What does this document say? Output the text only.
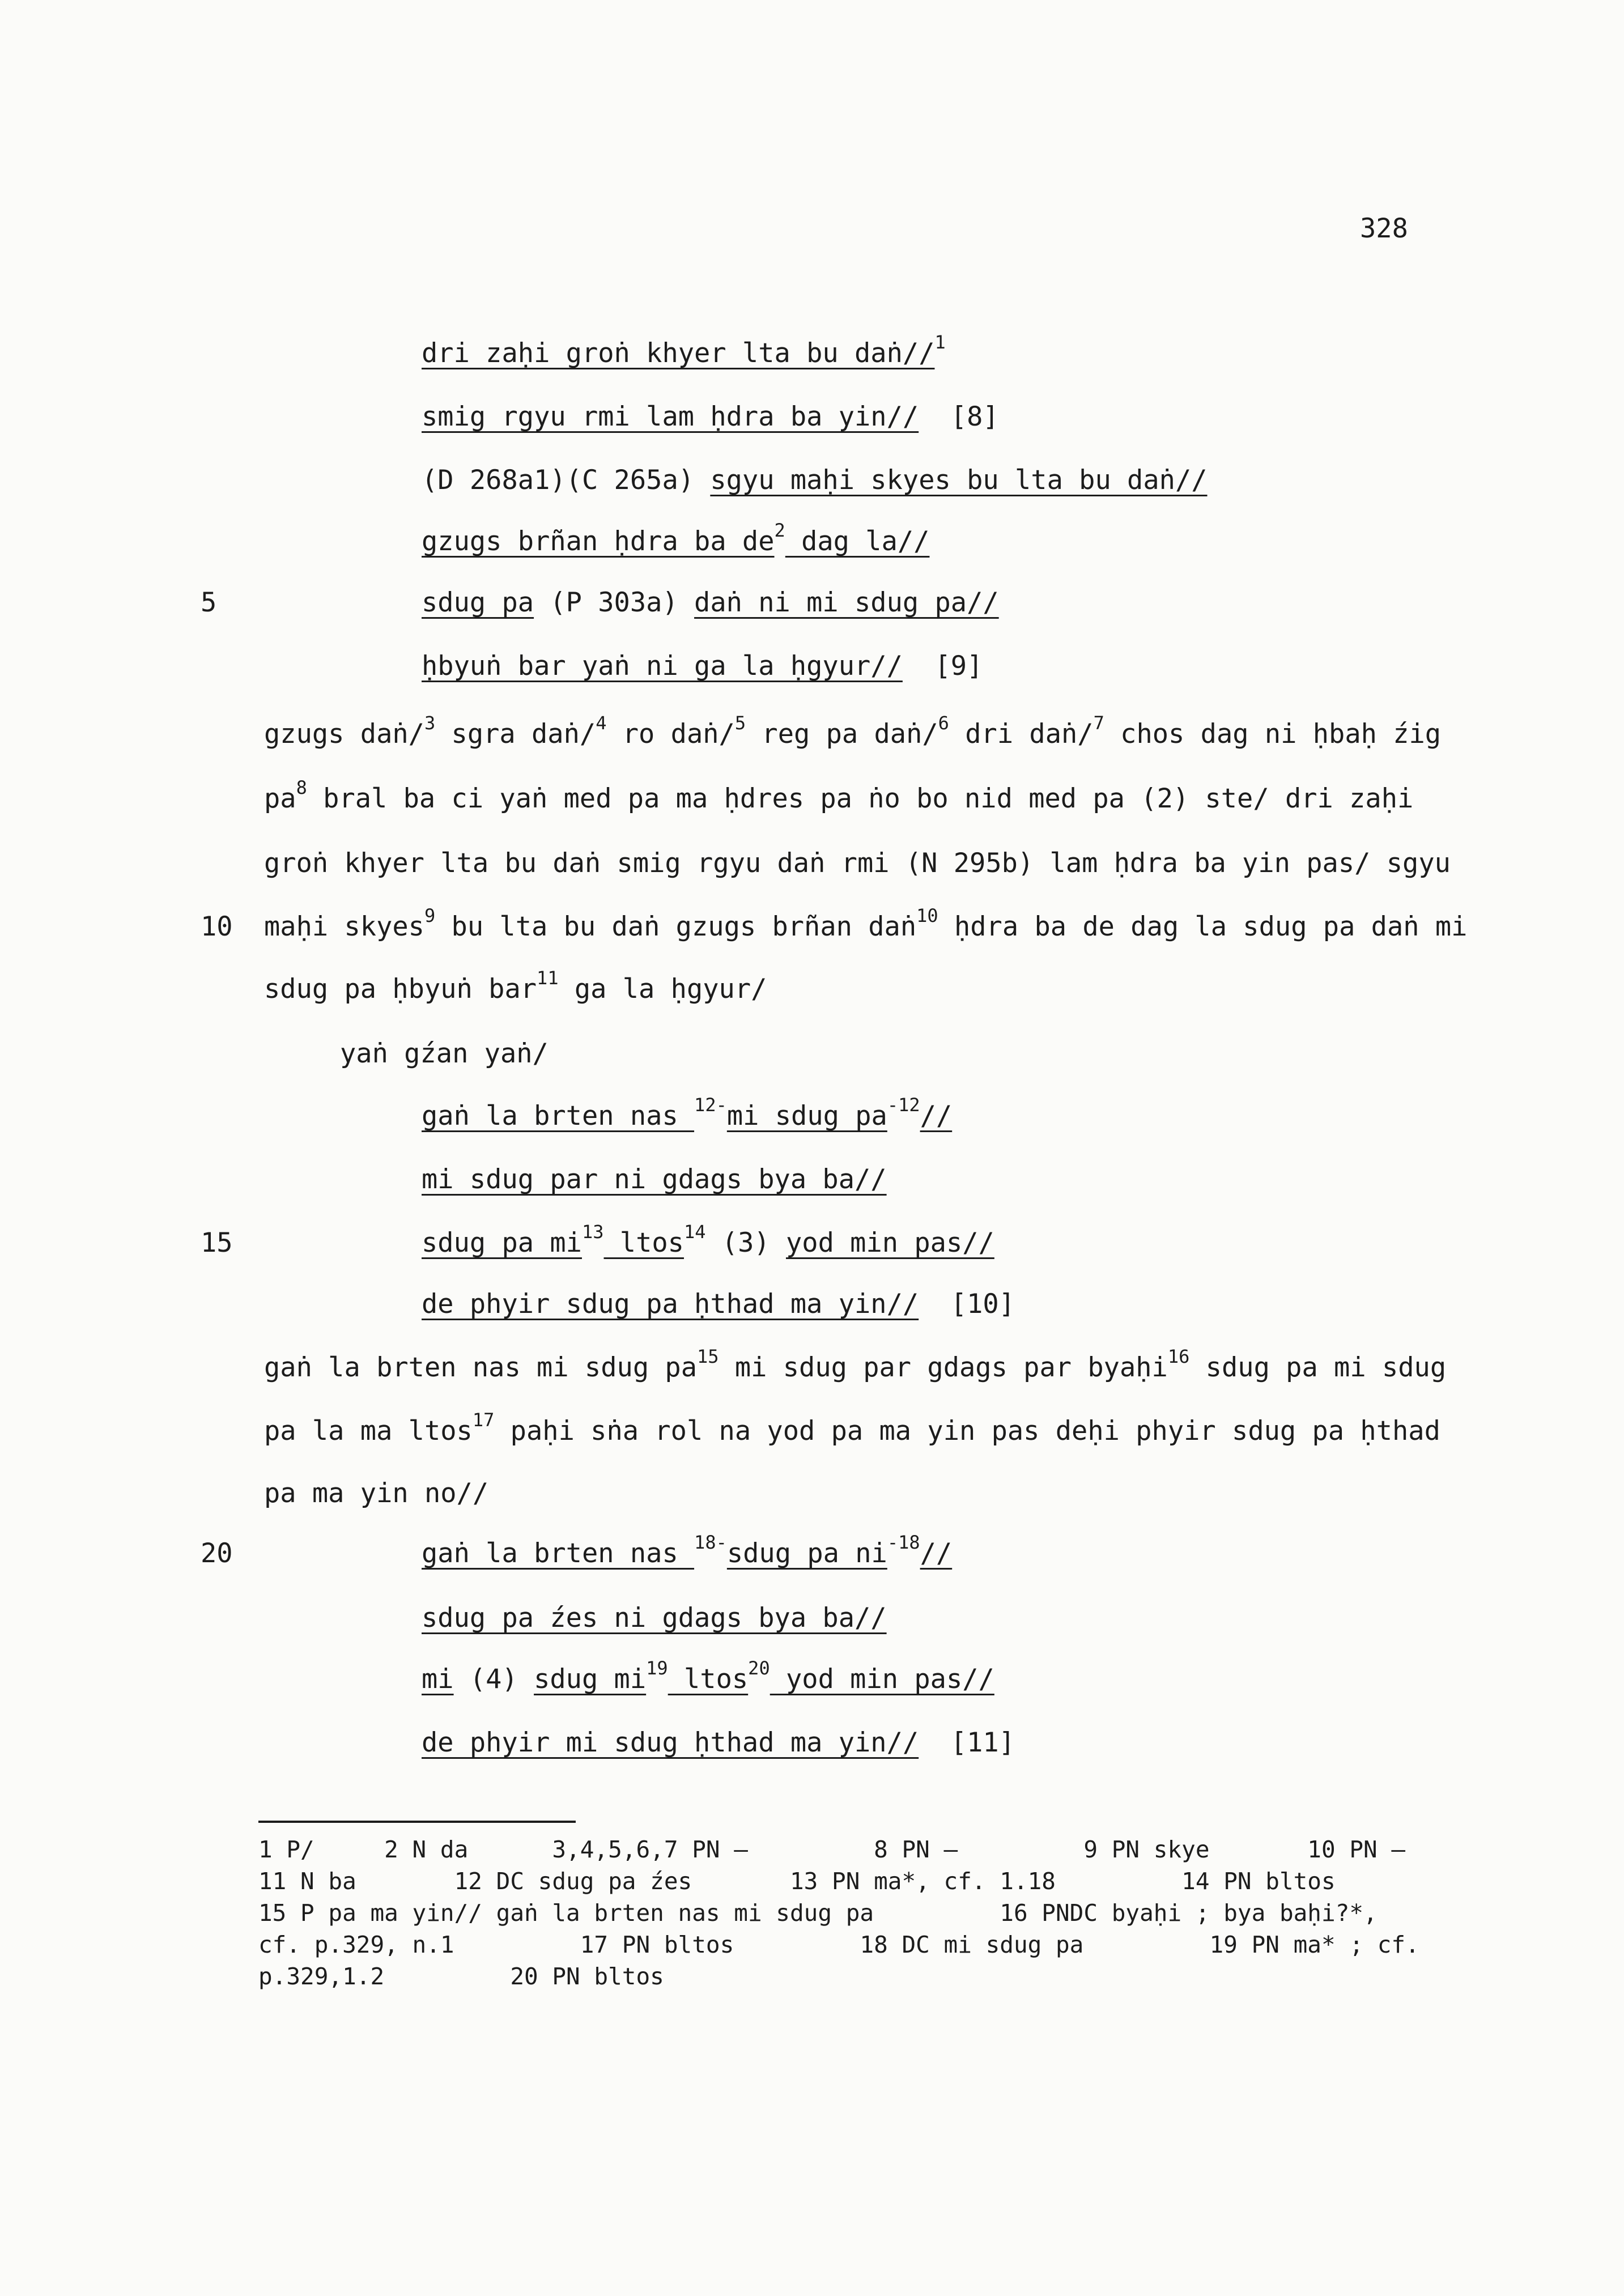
328
5
10
15
20
dri zaḥi groṅ khyer lta bu daṅ//$^1$
smig rgyu rmi lam ḥdra ba yin//  [8]
(D 268a1)(C 265a) sgyu maḥi skyes bu lta bu daṅ//
gzugs brñan ḥdra ba $de^2$ dag la//
sdug pa (P 303a) daṅ ni mi sdug pa//
ḥbyuṅ bar yaṅ ni ga la ḥgyur//  [9]
gzugs daṅ/$^3$ sgra daṅ/$^4$ ro daṅ/$^5$ reg pa daṅ/$^6$ dri daṅ/$^7$ chos dag ni ḥbaḥ źig
$pa^8$ bral ba ci yaṅ med pa ma ḥdres pa ṅo bo nid med pa (2) ste/ dri zaḥi
groṅ khyer lta bu daṅ smig rgyu daṅ rmi (N 295b) lam ḥdra ba yin pas/ sgyu
maḥi skyes$^9$ bu lta bu daṅ gzugs brñan daṅ$^{10}$ ḥdra ba de dag la sdug pa daṅ mi
sdug pa ḥbyuṅ bar$^{11}$ ga la ḥgyur/
yaṅ gźan yaṅ/
gaṅ la brten nas $^{12-}$mi sdug $pa^{-12}//$
mi sdug par ni gdags bya ba//
sdug pa $mi^{13}$ ltos$^{14}$ (3) yod min pas//
de phyir sdug pa ḥthad ma yin//  [10]
gaṅ la brten nas mi sdug $pa^{15}$ mi sdug par gdags par byaḥi$^{16}$ sdug pa mi sdug
pa la ma ltos$^{17}$ paḥi sṅa rol na yod pa ma yin pas deḥi phyir sdug pa ḥthad
pa ma yin no//
gaṅ la brten nas $^{18-}$sdug pa $ni^{-18}//$
sdug pa źes ni gdags bya ba//
mi (4) sdug $mi^{19}$ ltos$^{20}$ yod min pas//
de phyir mi sdug ḥthad ma yin//  [11]
1 P/     2 N da      3,4,5,6,7 PN —         8 PN —         9 PN skye       10 PN —
11 N ba       12 DC sdug pa źes       13 PN ma*, cf. 1.18         14 PN bltos
15 P pa ma yin// gaṅ la brten nas mi sdug pa         16 PNDC byaḥi ; bya baḥi?*,
cf. p.329, n.1         17 PN bltos         18 DC mi sdug pa         19 PN ma* ; cf.
p.329,1.2         20 PN bltos
